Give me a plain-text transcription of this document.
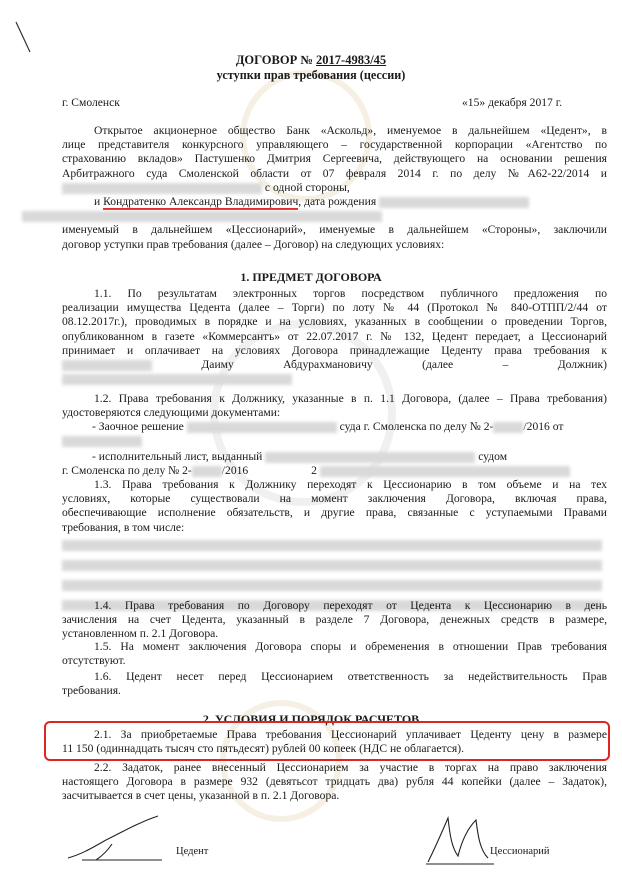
ДОГОВОР № 2017-4983/45
уступки прав требования (цессии)
г. Смоленск	«15» декабря 2017 г.
Открытое акционерное общество Банк «Аскольд», именуемое в дальнейшем «Цедент», в
лице представителя конкурсного управляющего – государственной корпорации «Агентство по
страхованию вкладов» Пастушенко Дмитрия Сергеевича, действующего на основании решения
Арбитражного суда Смоленской области от 07 февраля 2014 г. по делу №А62-22/2014 и
с одной стороны,
и Кондратенко Александр Владимирович, дата рождения
именуемый в дальнейшем «Цессионарий», именуемые в дальнейшем «Стороны», заключили
договор уступки прав требования (далее – Договор) на следующих условиях:
1. ПРЕДМЕТ ДОГОВОРА
1.1. По результатам электронных торгов посредством публичного предложения по
реализации имущества Цедента (далее – Торги) по лоту № 44 (Протокол № 840-ОТПП/2/44 от
08.12.2017г.), проводимых в порядке и на условиях, указанных в сообщении о проведении Торгов,
опубликованном в газете «Коммерсантъ» от 22.07.2017 г. № 132, Цедент передает, а Цессионарий
принимает и оплачивает на условиях Договора принадлежащие Цеденту права требования к
Даиму Абдурахмановичу (далее – Должник)
1.2. Права требования к Должнику, указанные в п. 1.1 Договора, (далее – Права требования)
удостоверяются следующими документами:
- Заочное решение	суда г. Смоленска по делу № 2-	/2016 от
- исполнительный лист, выданный	судом
г. Смоленска по делу № 2-	/2016	2
1.3. Права требования к Должнику переходят к Цессионарию в том объеме и на тех
условиях, которые существовали на момент заключения Договора, включая права,
обеспечивающие исполнение обязательств, и другие права, связанные с уступаемыми Правами
требования, в том числе:
1.4. Права требования по Договору переходят от Цедента к Цессионарию в день
зачисления на счет Цедента, указанный в разделе 7 Договора, денежных средств в размере,
установленном п. 2.1 Договора.
1.5. На момент заключения Договора споры и обременения в отношении Прав требования
отсутствуют.
1.6. Цедент несет перед Цессионарием ответственность за недействительность Прав
требования.
2. УСЛОВИЯ И ПОРЯДОК РАСЧЕТОВ
2.1. За приобретаемые Права требования Цессионарий уплачивает Цеденту цену в размере
11 150 (одиннадцать тысяч сто пятьдесят) рублей 00 копеек (НДС не облагается).
2.2. Задаток, ранее внесенный Цессионарием за участие в торгах на право заключения
настоящего Договора в размере 932 (девятьсот тридцать два) рубля 44 копейки (далее – Задаток),
засчитывается в счет цены, указанной в п. 2.1 Договора.
Цедент	Цессионарий
